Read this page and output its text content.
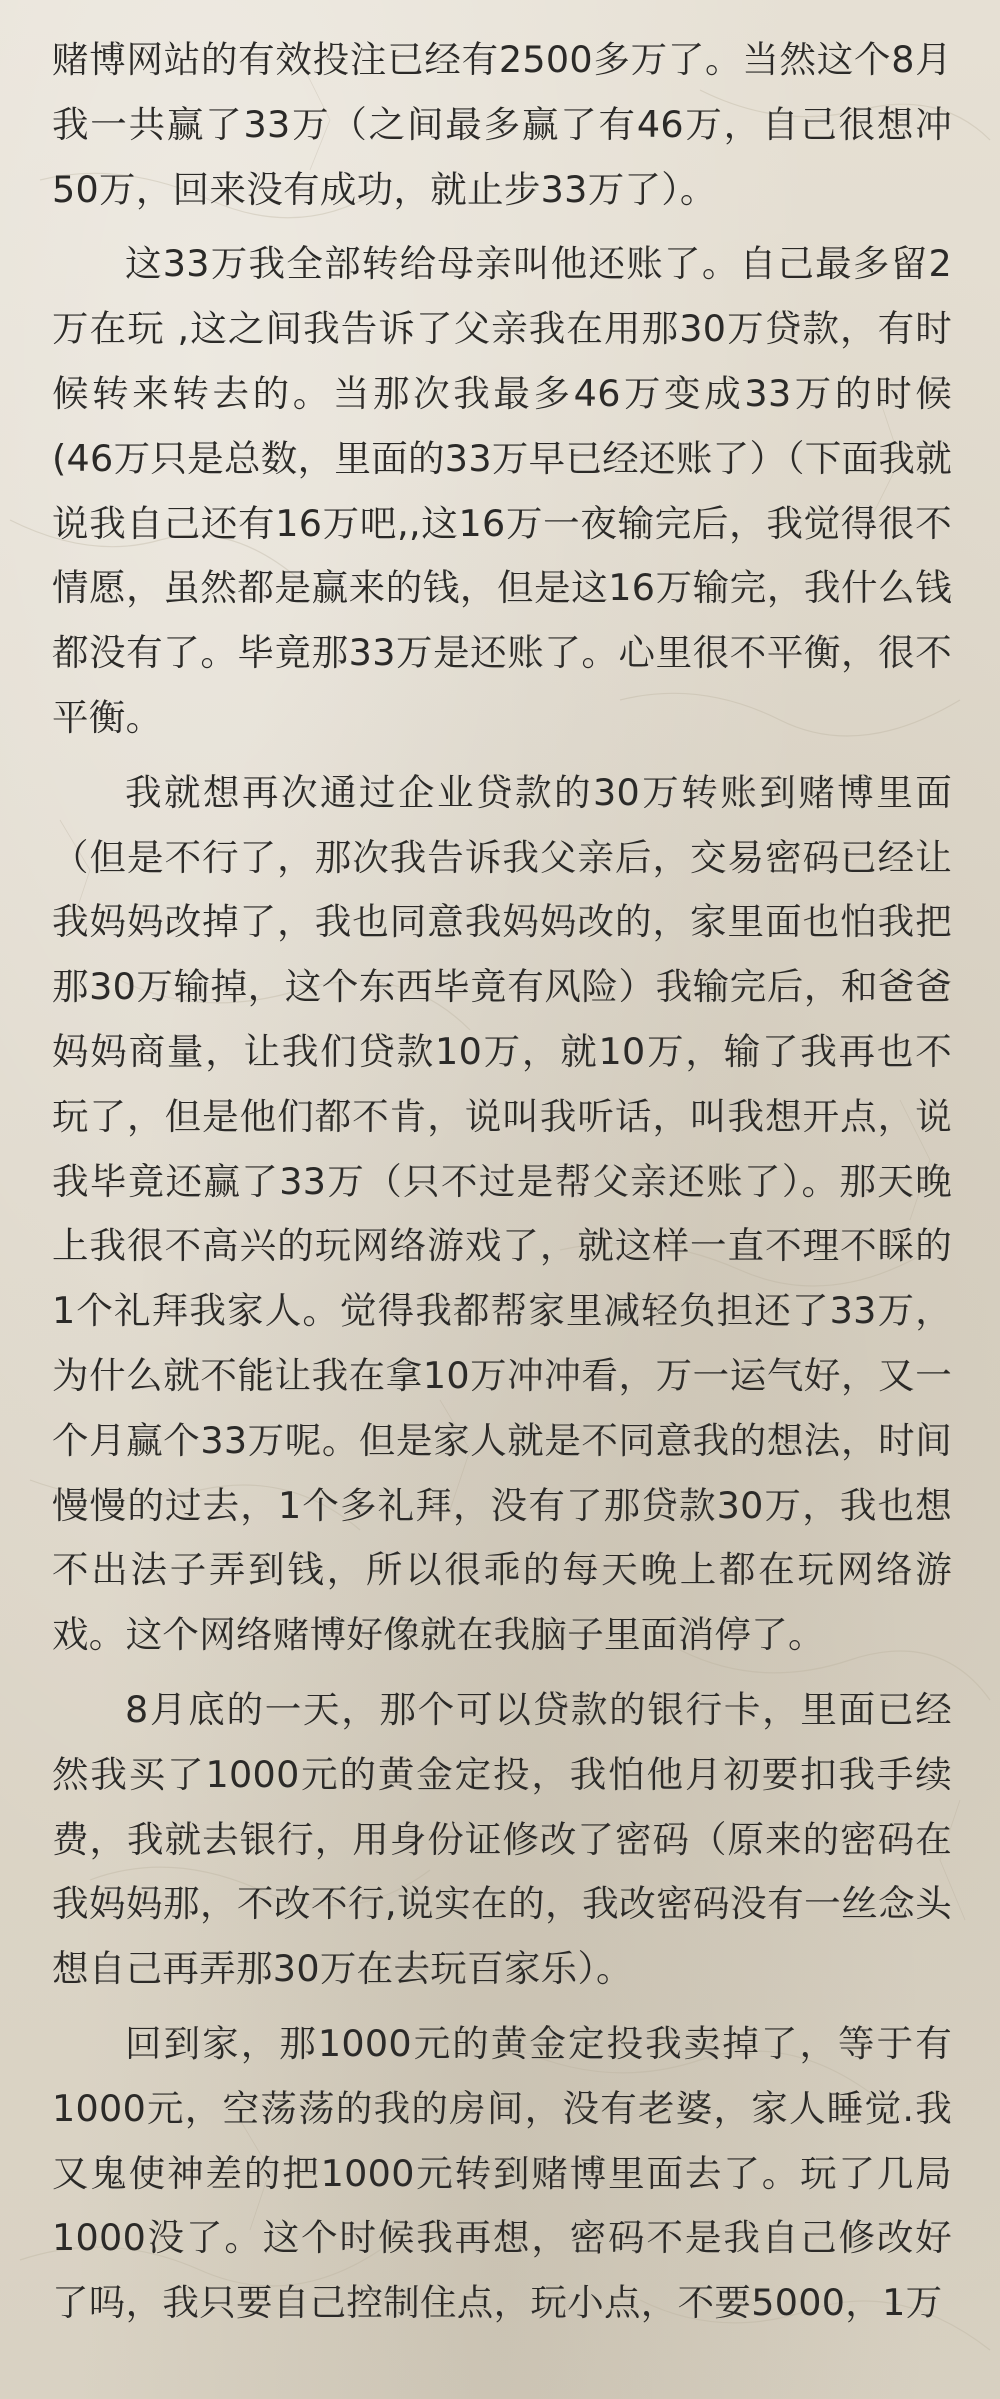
赌博网站的有效投注已经有2500多万了。当然这个8月我一共赢了33万（之间最多赢了有46万，自己很想冲50万，回来没有成功，就止步33万了）。

这33万我全部转给母亲叫他还账了。自己最多留2万在玩 ,这之间我告诉了父亲我在用那30万贷款，有时候转来转去的。当那次我最多46万变成33万的时候 (46万只是总数，里面的33万早已经还账了）（下面我就说我自己还有16万吧,,这16万一夜输完后，我觉得很不情愿，虽然都是赢来的钱，但是这16万输完，我什么钱都没有了。毕竟那33万是还账了。心里很不平衡，很不平衡。

我就想再次通过企业贷款的30万转账到赌博里面（但是不行了，那次我告诉我父亲后，交易密码已经让我妈妈改掉了，我也同意我妈妈改的，家里面也怕我把那30万输掉，这个东西毕竟有风险）我输完后，和爸爸妈妈商量，让我们贷款10万，就10万，输了我再也不玩了，但是他们都不肯，说叫我听话，叫我想开点，说我毕竟还赢了33万（只不过是帮父亲还账了）。那天晚上我很不高兴的玩网络游戏了，就这样一直不理不睬的1个礼拜我家人。觉得我都帮家里减轻负担还了33万，为什么就不能让我在拿10万冲冲看，万一运气好，又一个月赢个33万呢。但是家人就是不同意我的想法，时间慢慢的过去，1个多礼拜，没有了那贷款30万，我也想不出法子弄到钱，所以很乖的每天晚上都在玩网络游戏。这个网络赌博好像就在我脑子里面消停了。

8月底的一天，那个可以贷款的银行卡，里面已经然我买了1000元的黄金定投，我怕他月初要扣我手续费，我就去银行，用身份证修改了密码（原来的密码在我妈妈那，不改不行,说实在的，我改密码没有一丝念头想自己再弄那30万在去玩百家乐）。

回到家，那1000元的黄金定投我卖掉了，等于有1000元，空荡荡的我的房间，没有老婆，家人睡觉.我又鬼使神差的把1000元转到赌博里面去了。玩了几局1000没了。这个时候我再想，密码不是我自己修改好了吗，我只要自己控制住点，玩小点，不要5000，1万
